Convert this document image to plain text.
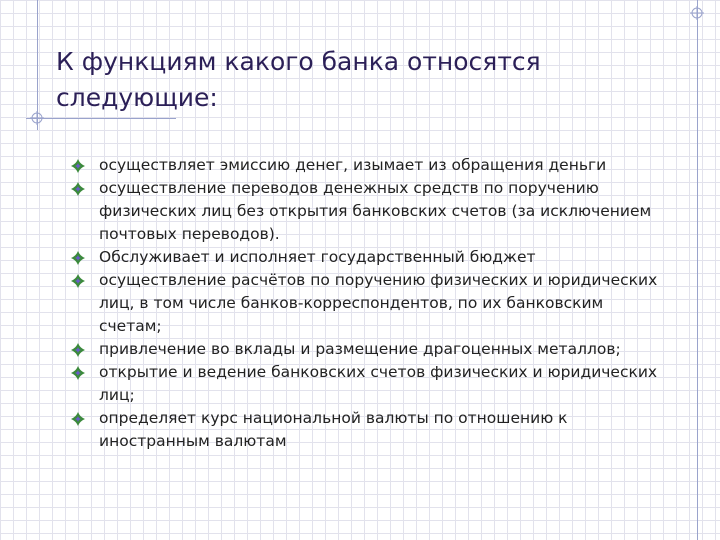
К функциям какого банка относятся следующие:
осуществляет эмиссию денег, изымает из обращения деньги
осуществление переводов денежных средств по поручению физических лиц без открытия банковских счетов (за исключением почтовых переводов).
Обслуживает и исполняет государственный бюджет
осуществление расчётов по поручению физических и юридических лиц, в том числе банков-корреспондентов, по их банковским счетам;
привлечение во вклады и размещение драгоценных металлов;
открытие и ведение банковских счетов физических и юридических лиц;
определяет курс национальной валюты по отношению к иностранным валютам
